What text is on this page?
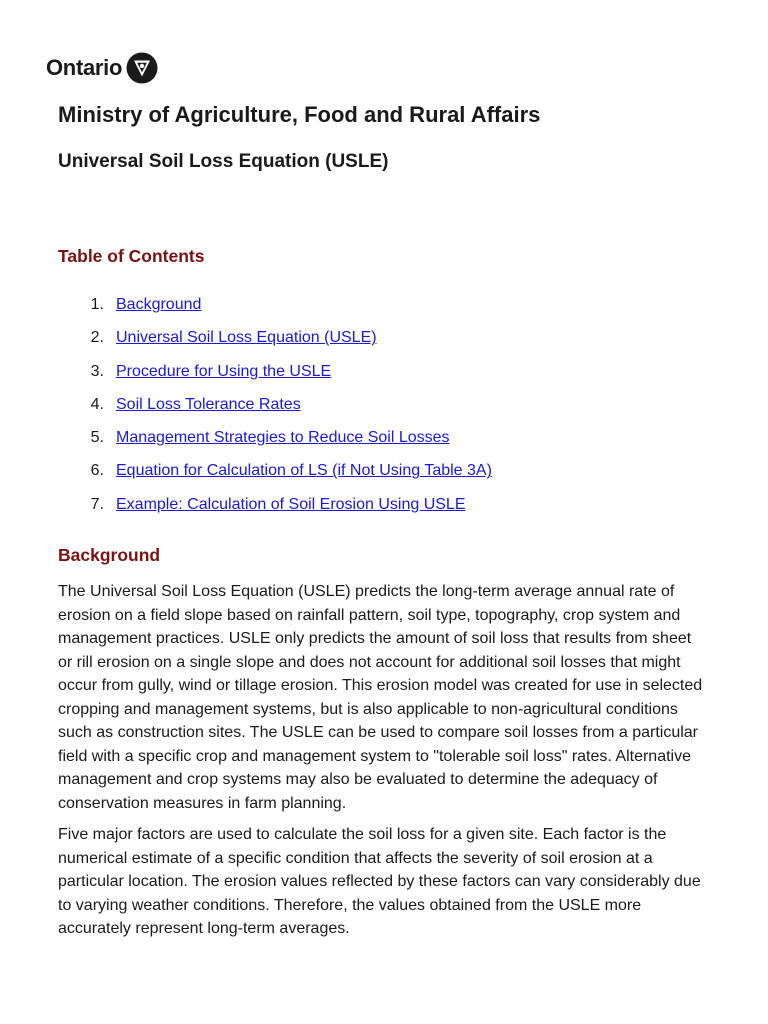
Ontario
Ministry of Agriculture, Food and Rural Affairs
Universal Soil Loss Equation (USLE)
Table of Contents
1. Background
2. Universal Soil Loss Equation (USLE)
3. Procedure for Using the USLE
4. Soil Loss Tolerance Rates
5. Management Strategies to Reduce Soil Losses
6. Equation for Calculation of LS (if Not Using Table 3A)
7. Example: Calculation of Soil Erosion Using USLE
Background

The Universal Soil Loss Equation (USLE) predicts the long-term average annual rate of erosion on a field slope based on rainfall pattern, soil type, topography, crop system and management practices. USLE only predicts the amount of soil loss that results from sheet or rill erosion on a single slope and does not account for additional soil losses that might occur from gully, wind or tillage erosion. This erosion model was created for use in selected cropping and management systems, but is also applicable to non-agricultural conditions such as construction sites. The USLE can be used to compare soil losses from a particular field with a specific crop and management system to "tolerable soil loss" rates. Alternative management and crop systems may also be evaluated to determine the adequacy of conservation measures in farm planning.

Five major factors are used to calculate the soil loss for a given site. Each factor is the numerical estimate of a specific condition that affects the severity of soil erosion at a particular location. The erosion values reflected by these factors can vary considerably due to varying weather conditions. Therefore, the values obtained from the USLE more accurately represent long-term averages.
